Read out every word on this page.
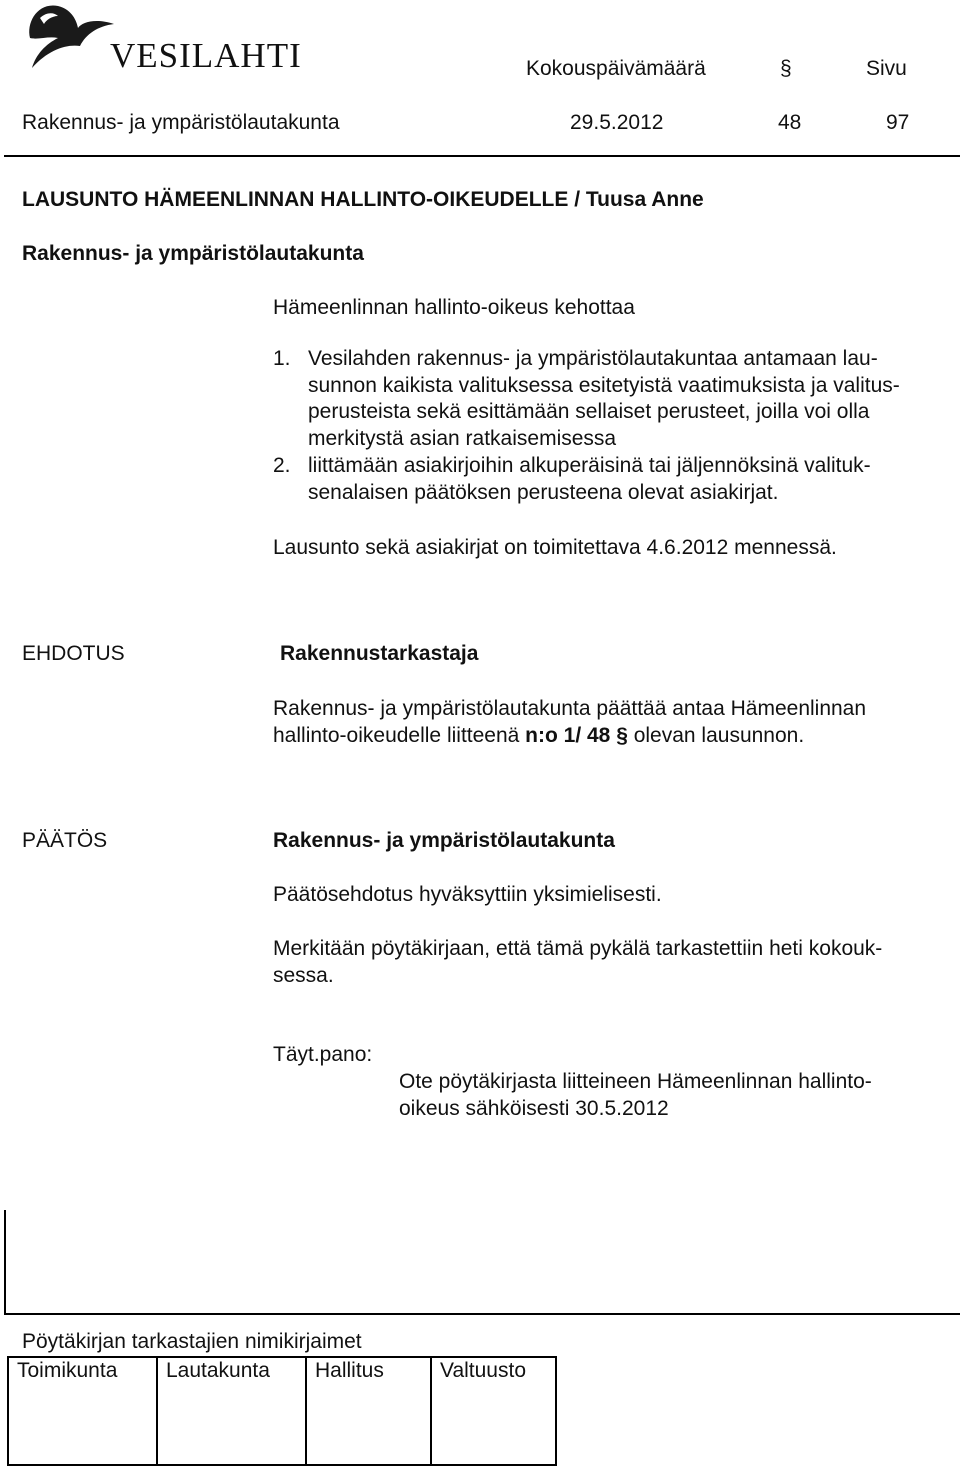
VESILAHTI	Kokouspäivämäärä	§	Sivu
Rakennus- ja ympäristölautakunta	29.5.2012	48	97
LAUSUNTO HÄMEENLINNAN HALLINTO-OIKEUDELLE / Tuusa Anne
Rakennus- ja ympäristölautakunta
Hämeenlinnan hallinto-oikeus kehottaa
1. Vesilahden rakennus- ja ympäristölautakuntaa antamaan lau-
sunnon kaikista valituksessa esitetyistä vaatimuksista ja valitus-
perusteista sekä esittämään sellaiset perusteet, joilla voi olla
merkitystä asian ratkaisemisessa
2. liittämään asiakirjoihin alkuperäisinä tai jäljennöksinä valituk-
senalaisen päätöksen perusteena olevat asiakirjat.
Lausunto sekä asiakirjat on toimitettava 4.6.2012 mennessä.
EHDOTUS	Rakennustarkastaja
Rakennus- ja ympäristölautakunta päättää antaa Hämeenlinnan
hallinto-oikeudelle liitteenä n:o 1/ 48 § olevan lausunnon.
PÄÄTÖS	Rakennus- ja ympäristölautakunta
Päätösehdotus hyväksyttiin yksimielisesti.
Merkitään pöytäkirjaan, että tämä pykälä tarkastettiin heti kokouk-
sessa.
Täyt.pano:
Ote pöytäkirjasta liitteineen Hämeenlinnan hallinto-
oikeus sähköisesti 30.5.2012
Pöytäkirjan tarkastajien nimikirjaimet
Toimikunta	Lautakunta	Hallitus	Valtuusto
